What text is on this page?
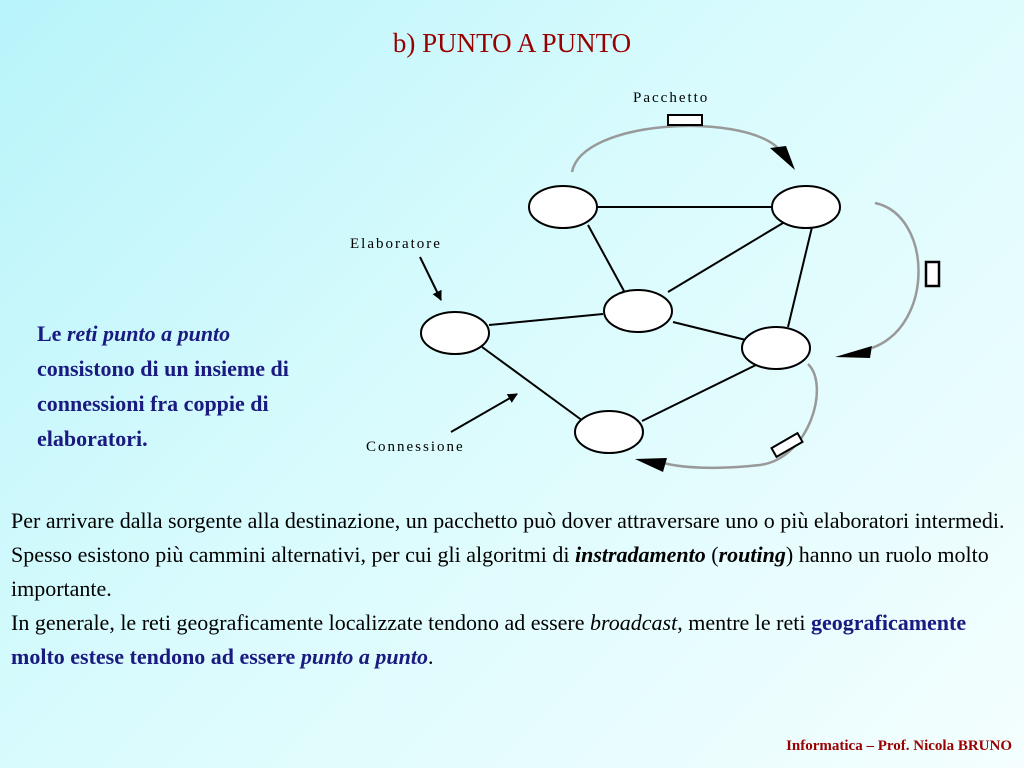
b) PUNTO A PUNTO
Pacchetto
Elaboratore
Connessione
Le reti punto a punto consistono di un insieme di connessioni fra coppie di elaboratori.
Per arrivare dalla sorgente alla destinazione, un pacchetto può dover attraversare uno o più elaboratori intermedi. Spesso esistono più cammini alternativi, per cui gli algoritmi di instradamento (routing) hanno un ruolo molto importante.
In generale, le reti geograficamente localizzate tendono ad essere broadcast, mentre le reti geograficamente molto estese tendono ad essere punto a punto.
Informatica – Prof. Nicola BRUNO
